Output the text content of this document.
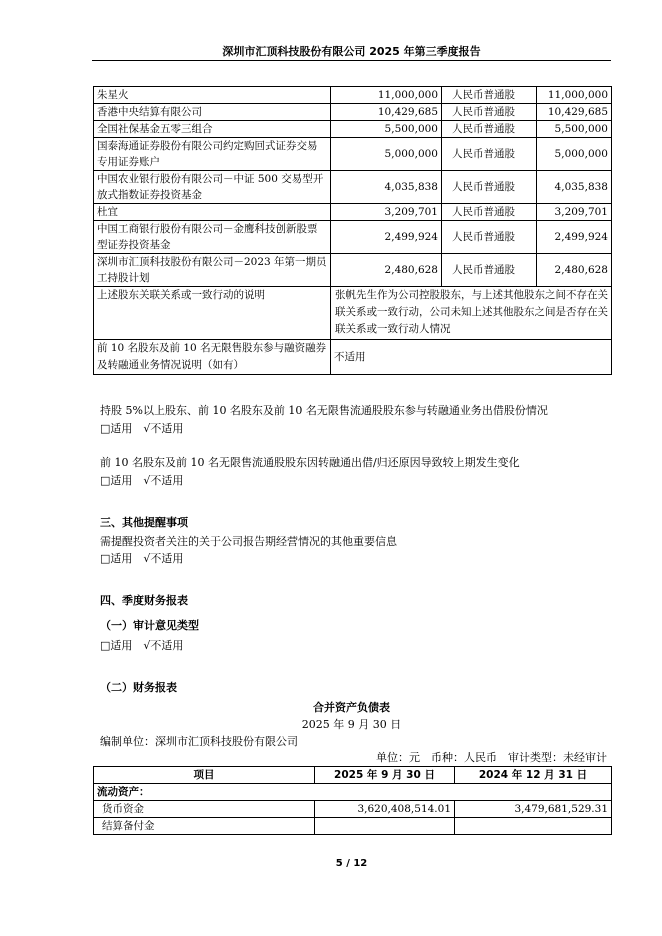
深圳市汇顶科技股份有限公司 2025 年第三季度报告
朱星火	11,000,000	人民币普通股	11,000,000
香港中央结算有限公司	10,429,685	人民币普通股	10,429,685
全国社保基金五零三组合	5,500,000	人民币普通股	5,500,000
国泰海通证券股份有限公司约定购回式证券交易专用证券账户	5,000,000	人民币普通股	5,000,000
中国农业银行股份有限公司－中证 500 交易型开放式指数证券投资基金	4,035,838	人民币普通股	4,035,838
杜宜	3,209,701	人民币普通股	3,209,701
中国工商银行股份有限公司－金鹰科技创新股票型证券投资基金	2,499,924	人民币普通股	2,499,924
深圳市汇顶科技股份有限公司－2023 年第一期员工持股计划	2,480,628	人民币普通股	2,480,628
上述股东关联关系或一致行动的说明	张帆先生作为公司控股股东，与上述其他股东之间不存在关联关系或一致行动，公司未知上述其他股东之间是否存在关联关系或一致行动人情况		
前 10 名股东及前 10 名无限售股东参与融资融券及转融通业务情况说明（如有）	不适用		
持股 5%以上股东、前 10 名股东及前 10 名无限售流通股股东参与转融通业务出借股份情况
□适用　√不适用
前 10 名股东及前 10 名无限售流通股股东因转融通出借/归还原因导致较上期发生变化
□适用　√不适用
三、其他提醒事项
需提醒投资者关注的关于公司报告期经营情况的其他重要信息
□适用　√不适用
四、季度财务报表
（一）审计意见类型
□适用　√不适用
（二）财务报表
合并资产负债表
2025 年 9 月 30 日
编制单位：深圳市汇顶科技股份有限公司
单位：元　币种：人民币　审计类型：未经审计
项目	2025 年 9 月 30 日	2024 年 12 月 31 日
流动资产：		
货币资金	3,620,408,514.01	3,479,681,529.31
结算备付金		
5 / 12
